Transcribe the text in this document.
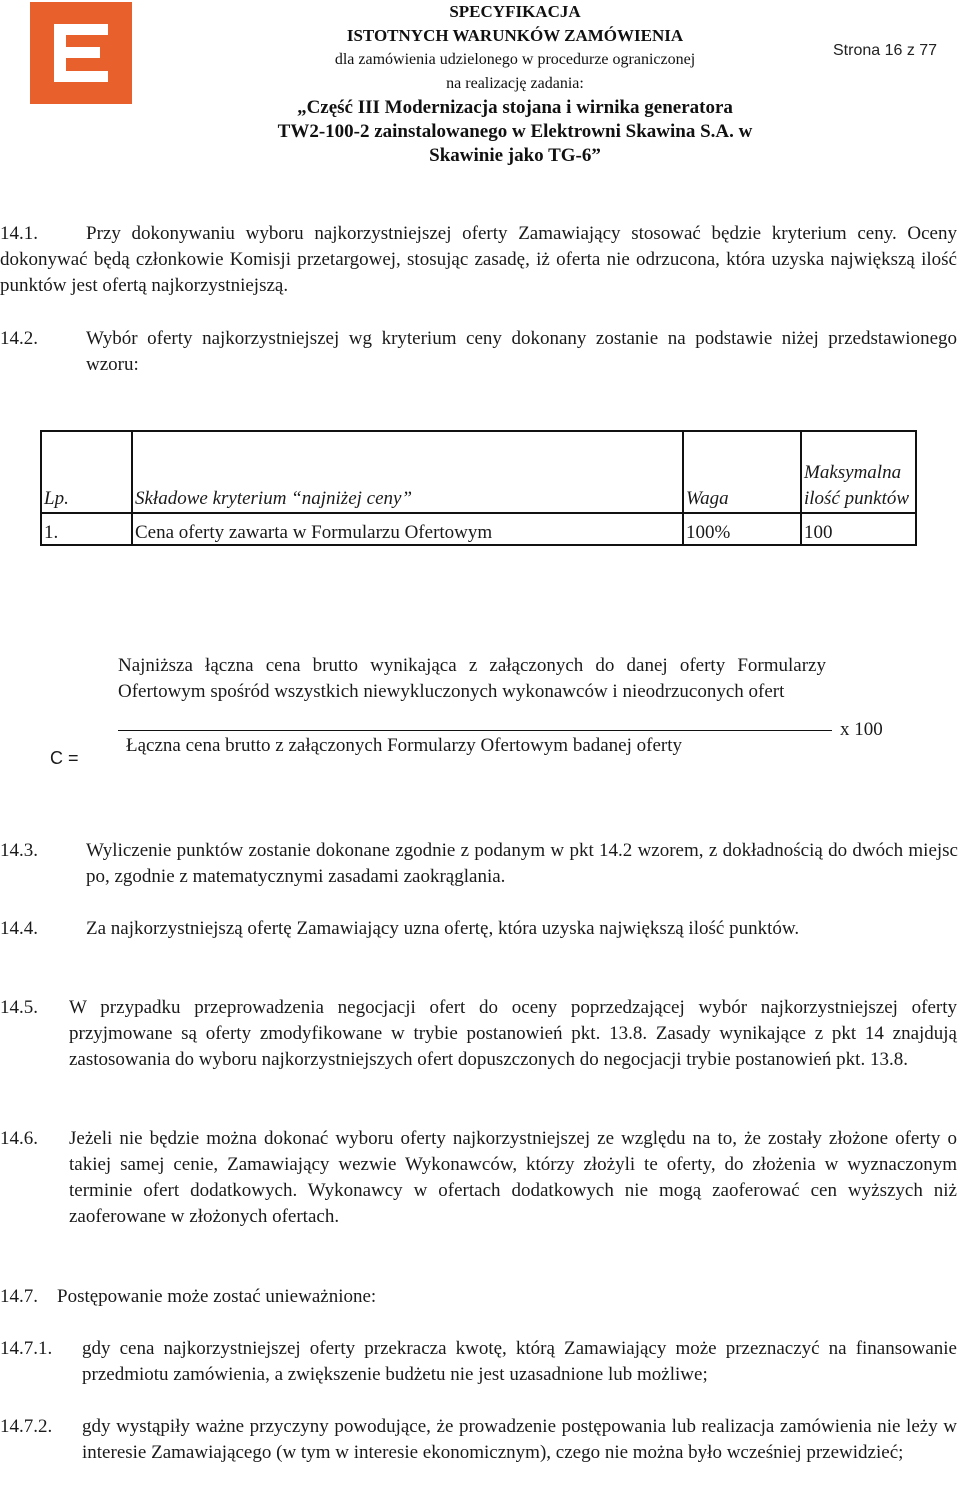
SPECYFIKACJA
ISTOTNYCH WARUNKÓW ZAMÓWIENIA
dla zamówienia udzielonego w procedurze ograniczonej
na realizację zadania:
„Część III Modernizacja stojana i wirnika generatora
TW2-100-2 zainstalowanego w Elektrowni Skawina S.A. w
Skawinie jako TG-6”
Strona 16 z 77
14.1.	Przy dokonywaniu wyboru najkorzystniejszej oferty Zamawiający stosować będzie kryterium ceny. Oceny dokonywać będą członkowie Komisji przetargowej, stosując zasadę, iż oferta nie odrzucona, która uzyska największą ilość punktów jest ofertą najkorzystniejszą.
14.2.	Wybór oferty najkorzystniejszej wg kryterium ceny dokonany zostanie na podstawie niżej przedstawionego wzoru:
Lp.	Składowe kryterium “najniżej ceny”	Waga	Maksymalna ilość punktów
1.	Cena oferty zawarta w Formularzu Ofertowym	100%	100
C =
Najniższa łączna cena brutto wynikająca z załączonych do danej oferty Formularzy Ofertowym spośród wszystkich niewykluczonych wykonawców i nieodrzuconych ofert
Łączna cena brutto z załączonych Formularzy Ofertowym badanej oferty
x 100
14.3.	Wyliczenie punktów zostanie dokonane zgodnie z podanym w pkt 14.2 wzorem, z dokładnością do dwóch miejsc po, zgodnie z matematycznymi zasadami zaokrąglania.
14.4.	Za najkorzystniejszą ofertę Zamawiający uzna ofertę, która uzyska największą ilość punktów.
14.5. W przypadku przeprowadzenia negocjacji ofert do oceny poprzedzającej wybór najkorzystniejszej oferty przyjmowane są oferty zmodyfikowane w trybie postanowień pkt. 13.8. Zasady wynikające z pkt 14 znajdują zastosowania do wyboru najkorzystniejszych ofert dopuszczonych do negocjacji trybie postanowień pkt. 13.8.
14.6. Jeżeli nie będzie można dokonać wyboru oferty najkorzystniejszej ze względu na to, że zostały złożone oferty o takiej samej cenie, Zamawiający wezwie Wykonawców, którzy złożyli te oferty, do złożenia w wyznaczonym terminie ofert dodatkowych. Wykonawcy w ofertach dodatkowych nie mogą zaoferować cen wyższych niż zaoferowane w złożonych ofertach.
14.7. Postępowanie może zostać unieważnione:
14.7.1. gdy cena najkorzystniejszej oferty przekracza kwotę, którą Zamawiający może przeznaczyć na finansowanie przedmiotu zamówienia, a zwiększenie budżetu nie jest uzasadnione lub możliwe;
14.7.2. gdy wystąpiły ważne przyczyny powodujące, że prowadzenie postępowania lub realizacja zamówienia nie leży w interesie Zamawiającego (w tym w interesie ekonomicznym), czego nie można było wcześniej przewidzieć;
